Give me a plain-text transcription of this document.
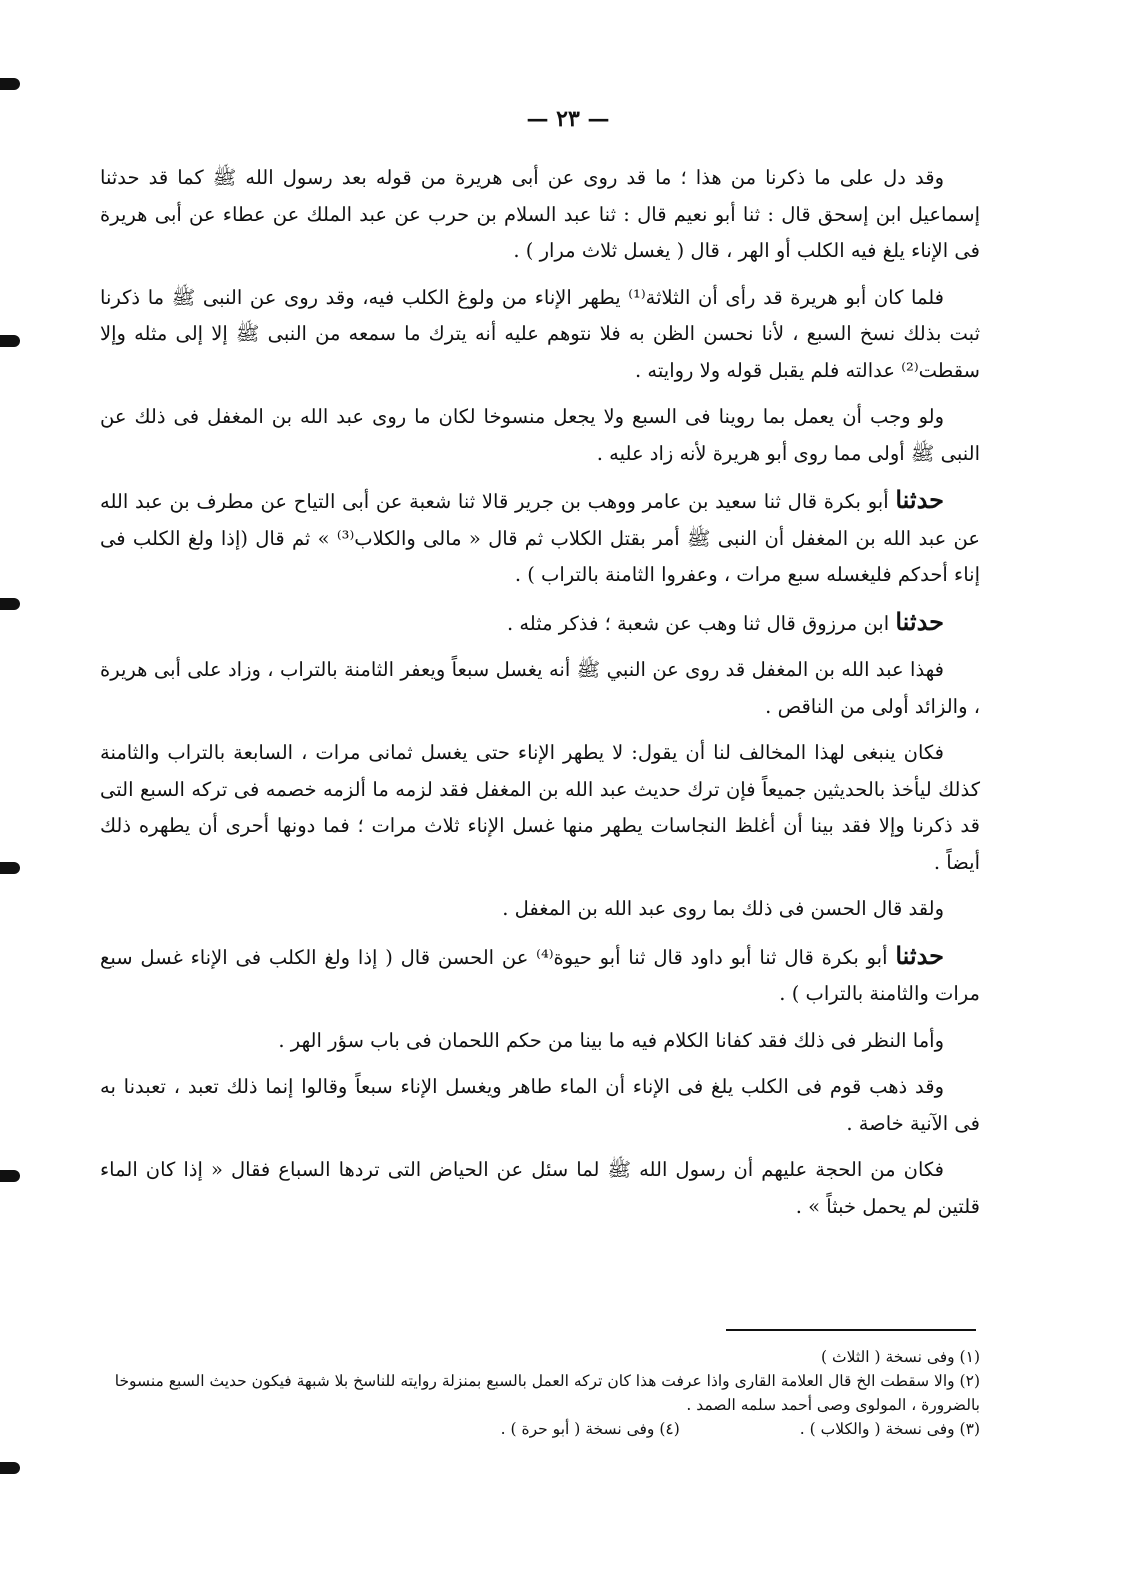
— ٢٣ —

وقد دل على ما ذكرنا من هذا ؛ ما قد روى عن أبى هريرة من قوله بعد رسول الله ﷺ كما قد حدثنا إسماعيل ابن إسحق قال : ثنا أبو نعيم قال : ثنا عبد السلام بن حرب عن عبد الملك عن عطاء عن أبى هريرة فى الإناء يلغ فيه الكلب أو الهر ، قال ( يغسل ثلاث مرار ) .

فلما كان أبو هريرة قد رأى أن الثلاثة⁽¹⁾ يطهر الإناء من ولوغ الكلب فيه، وقد روى عن النبى ﷺ ما ذكرنا ثبت بذلك نسخ السبع ، لأنا نحسن الظن به فلا نتوهم عليه أنه يترك ما سمعه من النبى ﷺ إلا إلى مثله وإلا سقطت⁽²⁾ عدالته فلم يقبل قوله ولا روايته .

ولو وجب أن يعمل بما روينا فى السبع ولا يجعل منسوخا لكان ما روى عبد الله بن المغفل فى ذلك عن النبى ﷺ أولى مما روى أبو هريرة لأنه زاد عليه .

حدثنا أبو بكرة قال ثنا سعيد بن عامر ووهب بن جرير قالا ثنا شعبة عن أبى التياح عن مطرف بن عبد الله عن عبد الله بن المغفل أن النبى ﷺ أمر بقتل الكلاب ثم قال « مالى والكلاب⁽³⁾ » ثم قال (إذا ولغ الكلب فى إناء أحدكم فليغسله سبع مرات ، وعفروا الثامنة بالتراب ) .

حدثنا ابن مرزوق قال ثنا وهب عن شعبة ؛ فذكر مثله .

فهذا عبد الله بن المغفل قد روى عن النبي ﷺ أنه يغسل سبعاً ويعفر الثامنة بالتراب ، وزاد على أبى هريرة ، والزائد أولى من الناقص .

فكان ينبغى لهذا المخالف لنا أن يقول: لا يطهر الإناء حتى يغسل ثمانى مرات ، السابعة بالتراب والثامنة كذلك ليأخذ بالحديثين جميعاً فإن ترك حديث عبد الله بن المغفل فقد لزمه ما ألزمه خصمه فى تركه السبع التى قد ذكرنا وإلا فقد بينا أن أغلظ النجاسات يطهر منها غسل الإناء ثلاث مرات ؛ فما دونها أحرى أن يطهره ذلك أيضاً .

ولقد قال الحسن فى ذلك بما روى عبد الله بن المغفل .

حدثنا أبو بكرة قال ثنا أبو داود قال ثنا أبو حيوة⁽⁴⁾ عن الحسن قال ( إذا ولغ الكلب فى الإناء غسل سبع مرات والثامنة بالتراب ) .

وأما النظر فى ذلك فقد كفانا الكلام فيه ما بينا من حكم اللحمان فى باب سؤر الهر .

وقد ذهب قوم فى الكلب يلغ فى الإناء أن الماء طاهر ويغسل الإناء سبعاً وقالوا إنما ذلك تعبد ، تعبدنا به فى الآنية خاصة .

فكان من الحجة عليهم أن رسول الله ﷺ لما سئل عن الحياض التى تردها السباع فقال « إذا كان الماء قلتين لم يحمل خبثاً » .

(١) وفى نسخة ( الثلاث )

(٢) والا سقطت الخ قال العلامة القارى واذا عرفت هذا كان تركه العمل بالسبع بمنزلة روايته للناسخ بلا شبهة فيكون حديث السبع منسوخا بالضرورة ، المولوى وصى أحمد سلمه الصمد .

(٣) وفى نسخة ( والكلاب ) .
(٤) وفى نسخة ( أبو حرة ) .
